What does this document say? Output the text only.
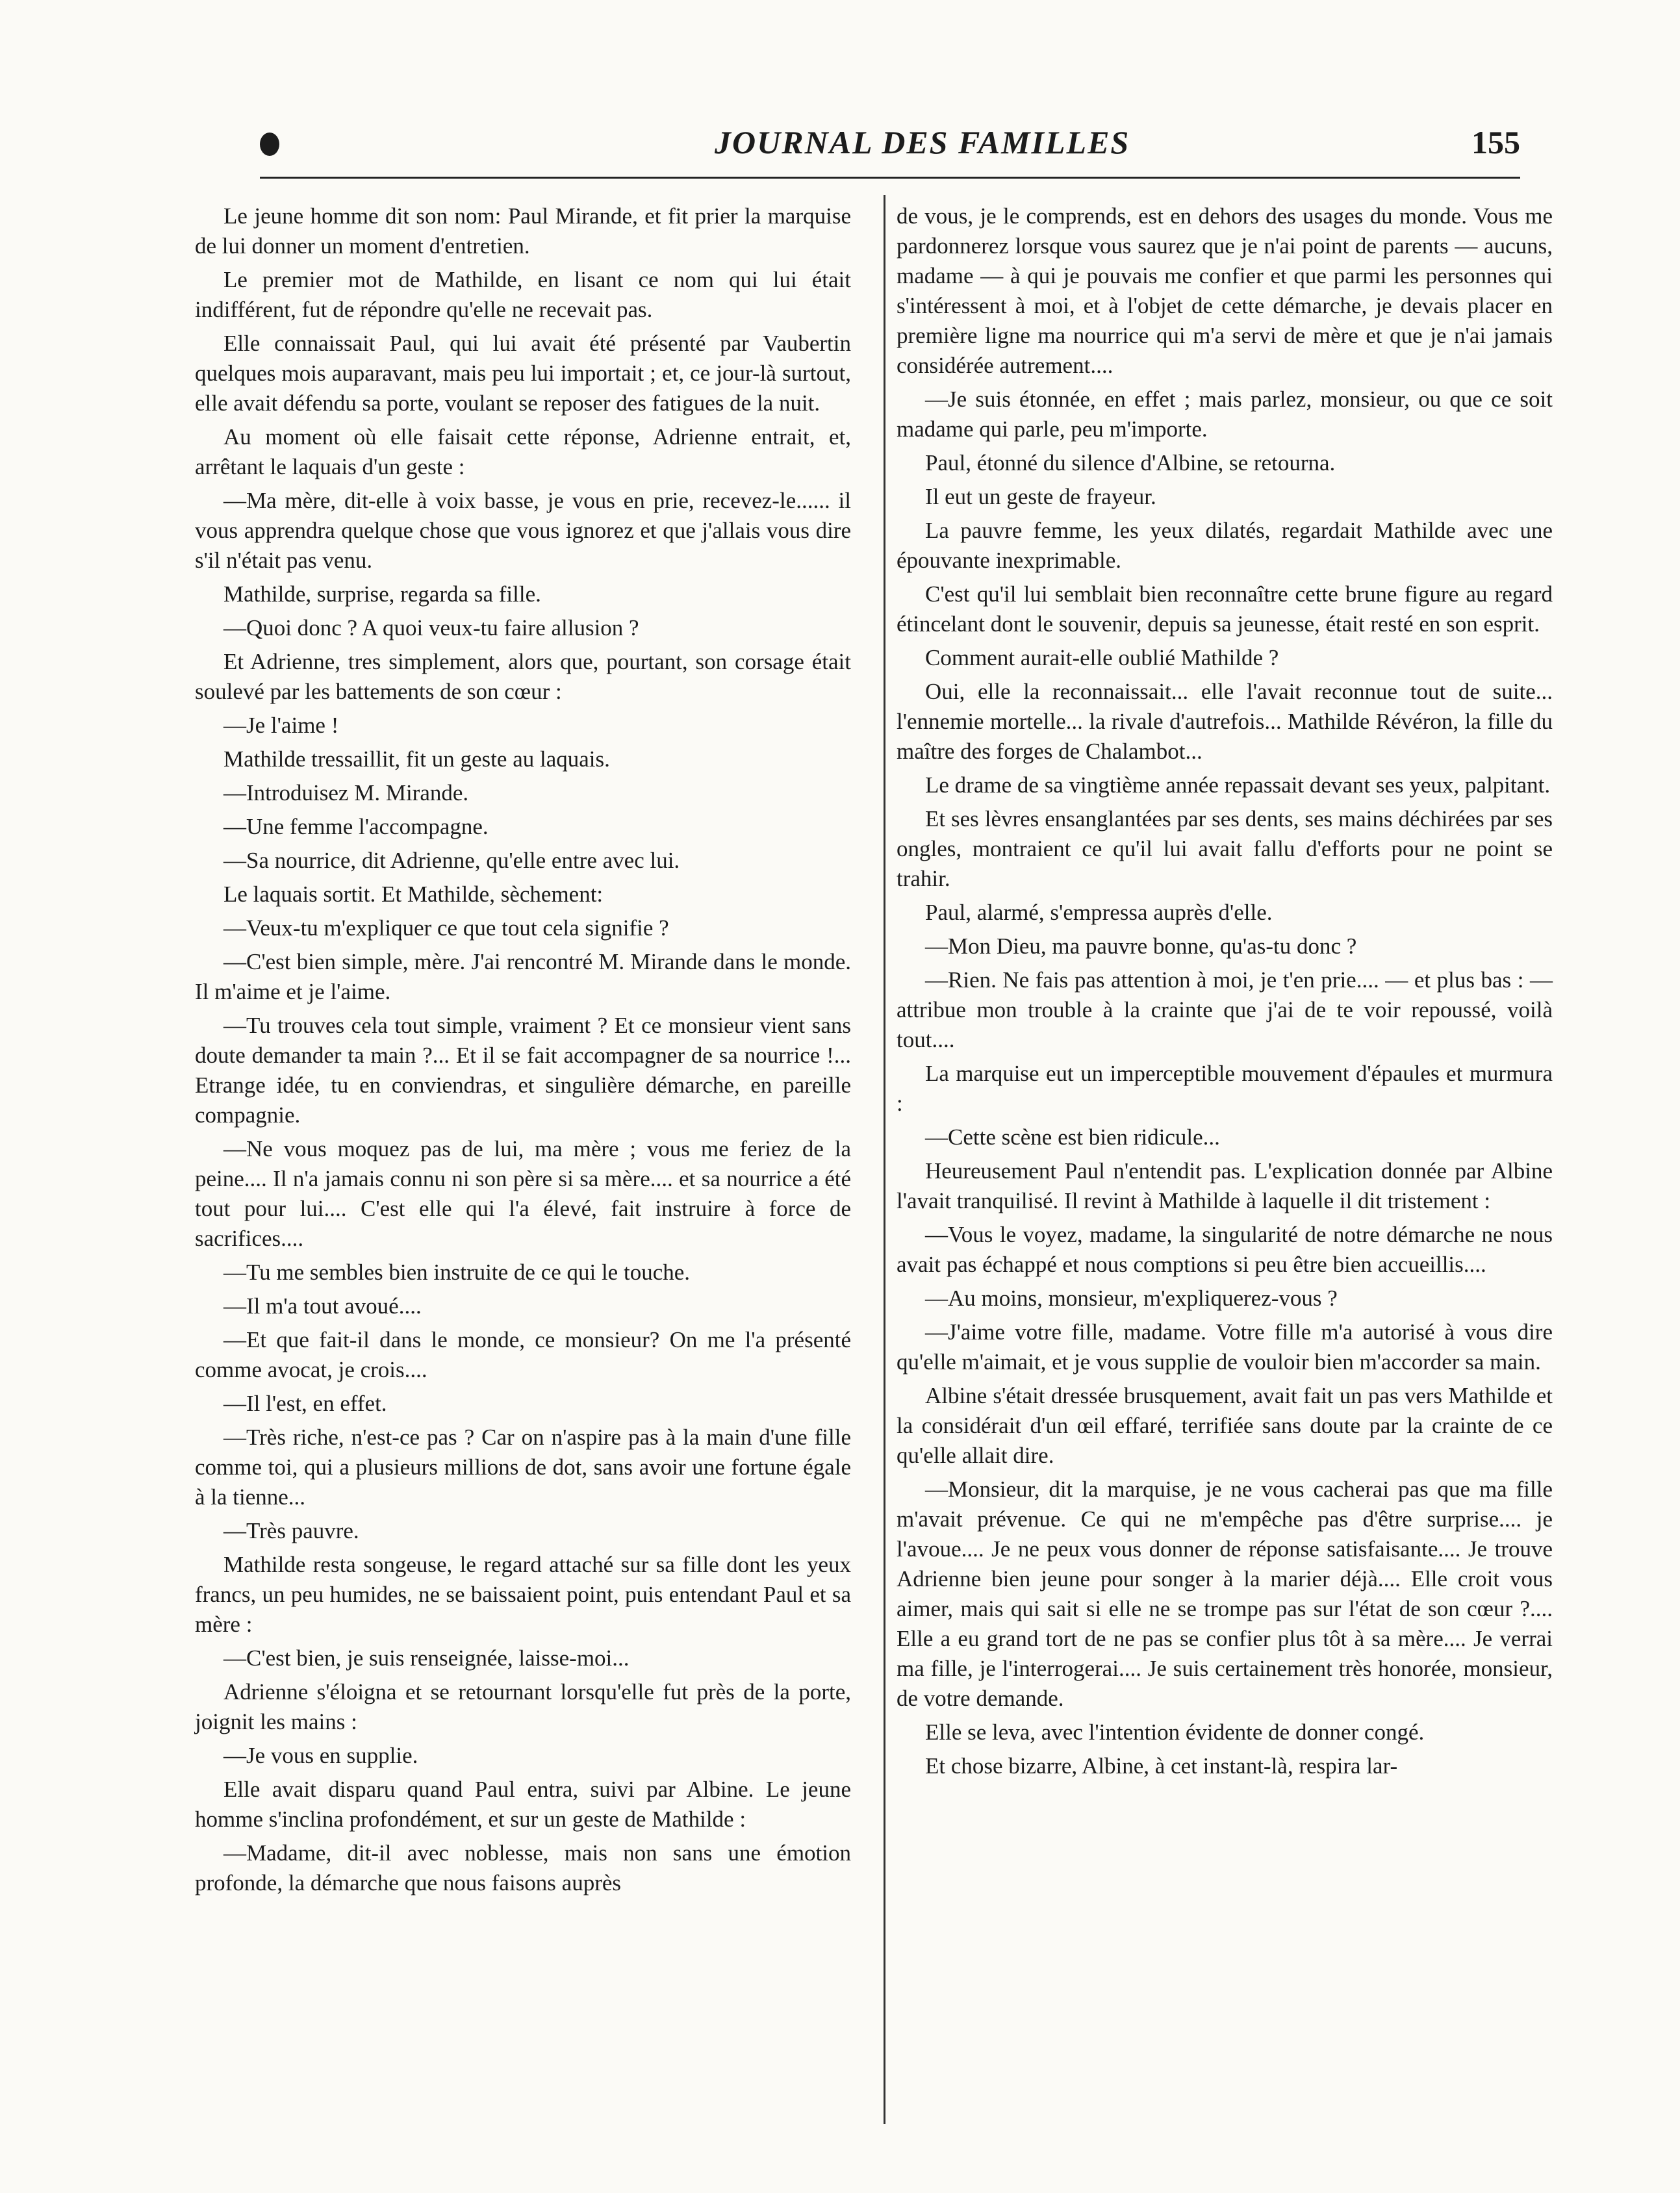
JOURNAL DES FAMILLES	155

Le jeune homme dit son nom: Paul Mirande, et fit prier la marquise de lui donner un moment d'entretien.

Le premier mot de Mathilde, en lisant ce nom qui lui était indifférent, fut de répondre qu'elle ne recevait pas.

Elle connaissait Paul, qui lui avait été présenté par Vaubertin quelques mois auparavant, mais peu lui importait ; et, ce jour-là surtout, elle avait défendu sa porte, voulant se reposer des fatigues de la nuit.

Au moment où elle faisait cette réponse, Adrienne entrait, et, arrêtant le laquais d'un geste :

—Ma mère, dit-elle à voix basse, je vous en prie, recevez-le...... il vous apprendra quelque chose que vous ignorez et que j'allais vous dire s'il n'était pas venu.

Mathilde, surprise, regarda sa fille.

—Quoi donc ? A quoi veux-tu faire allusion ?

Et Adrienne, tres simplement, alors que, pourtant, son corsage était soulevé par les battements de son cœur :

—Je l'aime !

Mathilde tressaillit, fit un geste au laquais.

—Introduisez M. Mirande.

—Une femme l'accompagne.

—Sa nourrice, dit Adrienne, qu'elle entre avec lui.

Le laquais sortit. Et Mathilde, sèchement:

—Veux-tu m'expliquer ce que tout cela signifie ?

—C'est bien simple, mère. J'ai rencontré M. Mirande dans le monde. Il m'aime et je l'aime.

—Tu trouves cela tout simple, vraiment ? Et ce monsieur vient sans doute demander ta main ?... Et il se fait accompagner de sa nourrice !... Etrange idée, tu en conviendras, et singulière démarche, en pareille compagnie.

—Ne vous moquez pas de lui, ma mère ; vous me feriez de la peine.... Il n'a jamais connu ni son père si sa mère.... et sa nourrice a été tout pour lui.... C'est elle qui l'a élevé, fait instruire à force de sacrifices....

—Tu me sembles bien instruite de ce qui le touche.

—Il m'a tout avoué....

—Et que fait-il dans le monde, ce monsieur? On me l'a présenté comme avocat, je crois....

—Il l'est, en effet.

—Très riche, n'est-ce pas ? Car on n'aspire pas à la main d'une fille comme toi, qui a plusieurs millions de dot, sans avoir une fortune égale à la tienne...

—Très pauvre.

Mathilde resta songeuse, le regard attaché sur sa fille dont les yeux francs, un peu humides, ne se baissaient point, puis entendant Paul et sa mère :

—C'est bien, je suis renseignée, laisse-moi...

Adrienne s'éloigna et se retournant lorsqu'elle fut près de la porte, joignit les mains :

—Je vous en supplie.

Elle avait disparu quand Paul entra, suivi par Albine. Le jeune homme s'inclina profondément, et sur un geste de Mathilde :

—Madame, dit-il avec noblesse, mais non sans une émotion profonde, la démarche que nous faisons auprès

de vous, je le comprends, est en dehors des usages du monde. Vous me pardonnerez lorsque vous saurez que je n'ai point de parents — aucuns, madame — à qui je pouvais me confier et que parmi les personnes qui s'intéressent à moi, et à l'objet de cette démarche, je devais placer en première ligne ma nourrice qui m'a servi de mère et que je n'ai jamais considérée autrement....

—Je suis étonnée, en effet ; mais parlez, monsieur, ou que ce soit madame qui parle, peu m'importe.

Paul, étonné du silence d'Albine, se retourna.

Il eut un geste de frayeur.

La pauvre femme, les yeux dilatés, regardait Mathilde avec une épouvante inexprimable.

C'est qu'il lui semblait bien reconnaître cette brune figure au regard étincelant dont le souvenir, depuis sa jeunesse, était resté en son esprit.

Comment aurait-elle oublié Mathilde ?

Oui, elle la reconnaissait... elle l'avait reconnue tout de suite... l'ennemie mortelle... la rivale d'autrefois... Mathilde Révéron, la fille du maître des forges de Chalambot...

Le drame de sa vingtième année repassait devant ses yeux, palpitant.

Et ses lèvres ensanglantées par ses dents, ses mains déchirées par ses ongles, montraient ce qu'il lui avait fallu d'efforts pour ne point se trahir.

Paul, alarmé, s'empressa auprès d'elle.

—Mon Dieu, ma pauvre bonne, qu'as-tu donc ?

—Rien. Ne fais pas attention à moi, je t'en prie.... — et plus bas : — attribue mon trouble à la crainte que j'ai de te voir repoussé, voilà tout....

La marquise eut un imperceptible mouvement d'épaules et murmura :

—Cette scène est bien ridicule...

Heureusement Paul n'entendit pas. L'explication donnée par Albine l'avait tranquilisé. Il revint à Mathilde à laquelle il dit tristement :

—Vous le voyez, madame, la singularité de notre démarche ne nous avait pas échappé et nous comptions si peu être bien accueillis....

—Au moins, monsieur, m'expliquerez-vous ?

—J'aime votre fille, madame. Votre fille m'a autorisé à vous dire qu'elle m'aimait, et je vous supplie de vouloir bien m'accorder sa main.

Albine s'était dressée brusquement, avait fait un pas vers Mathilde et la considérait d'un œil effaré, terrifiée sans doute par la crainte de ce qu'elle allait dire.

—Monsieur, dit la marquise, je ne vous cacherai pas que ma fille m'avait prévenue. Ce qui ne m'empêche pas d'être surprise.... je l'avoue.... Je ne peux vous donner de réponse satisfaisante.... Je trouve Adrienne bien jeune pour songer à la marier déjà.... Elle croit vous aimer, mais qui sait si elle ne se trompe pas sur l'état de son cœur ?.... Elle a eu grand tort de ne pas se confier plus tôt à sa mère.... Je verrai ma fille, je l'interrogerai.... Je suis certainement très honorée, monsieur, de votre demande.

Elle se leva, avec l'intention évidente de donner congé.

Et chose bizarre, Albine, à cet instant-là, respira lar-
